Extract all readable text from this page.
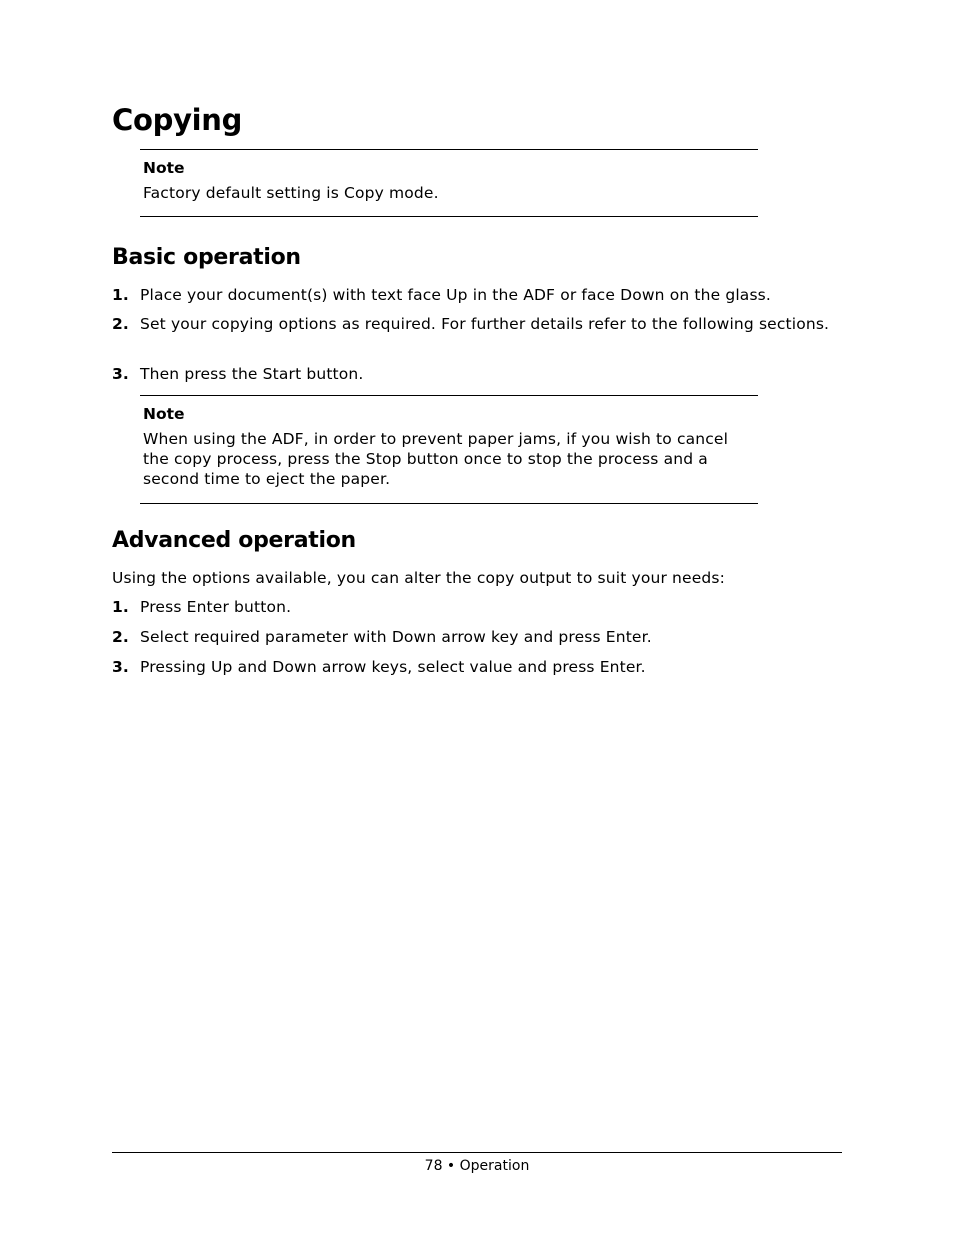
Copying
Note
Factory default setting is Copy mode.
Basic operation
1. Place your document(s) with text face Up in the ADF or face Down on the glass.
2. Set your copying options as required. For further details refer to the following sections.
3. Then press the Start button.
Note
When using the ADF, in order to prevent paper jams, if you wish to cancel the copy process, press the Stop button once to stop the process and a second time to eject the paper.
Advanced operation
Using the options available, you can alter the copy output to suit your needs:
1. Press Enter button.
2. Select required parameter with Down arrow key and press Enter.
3. Pressing Up and Down arrow keys, select value and press Enter.
78 • Operation
